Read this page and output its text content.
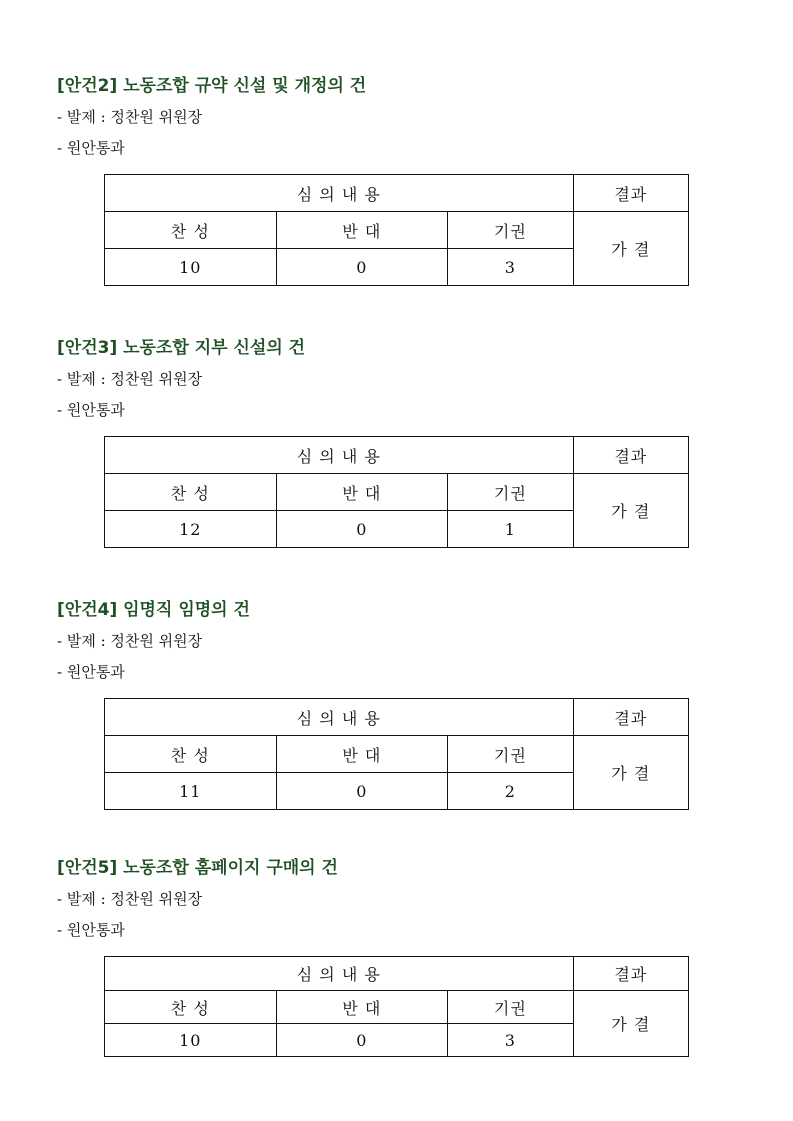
[안건2] 노동조합 규약 신설 및 개정의 건
- 발제 : 정찬원 위원장
- 원안통과
심 의 내 용			결과
찬 성	반 대	기권	가 결
10	0	3	
[안건3] 노동조합 지부 신설의 건
- 발제 : 정찬원 위원장
- 원안통과
심 의 내 용			결과
찬 성	반 대	기권	가 결
12	0	1	
[안건4] 임명직 임명의 건
- 발제 : 정찬원 위원장
- 원안통과
심 의 내 용			결과
찬 성	반 대	기권	가 결
11	0	2	
[안건5] 노동조합 홈페이지 구매의 건
- 발제 : 정찬원 위원장
- 원안통과
심 의 내 용			결과
찬 성	반 대	기권	가 결
10	0	3	
